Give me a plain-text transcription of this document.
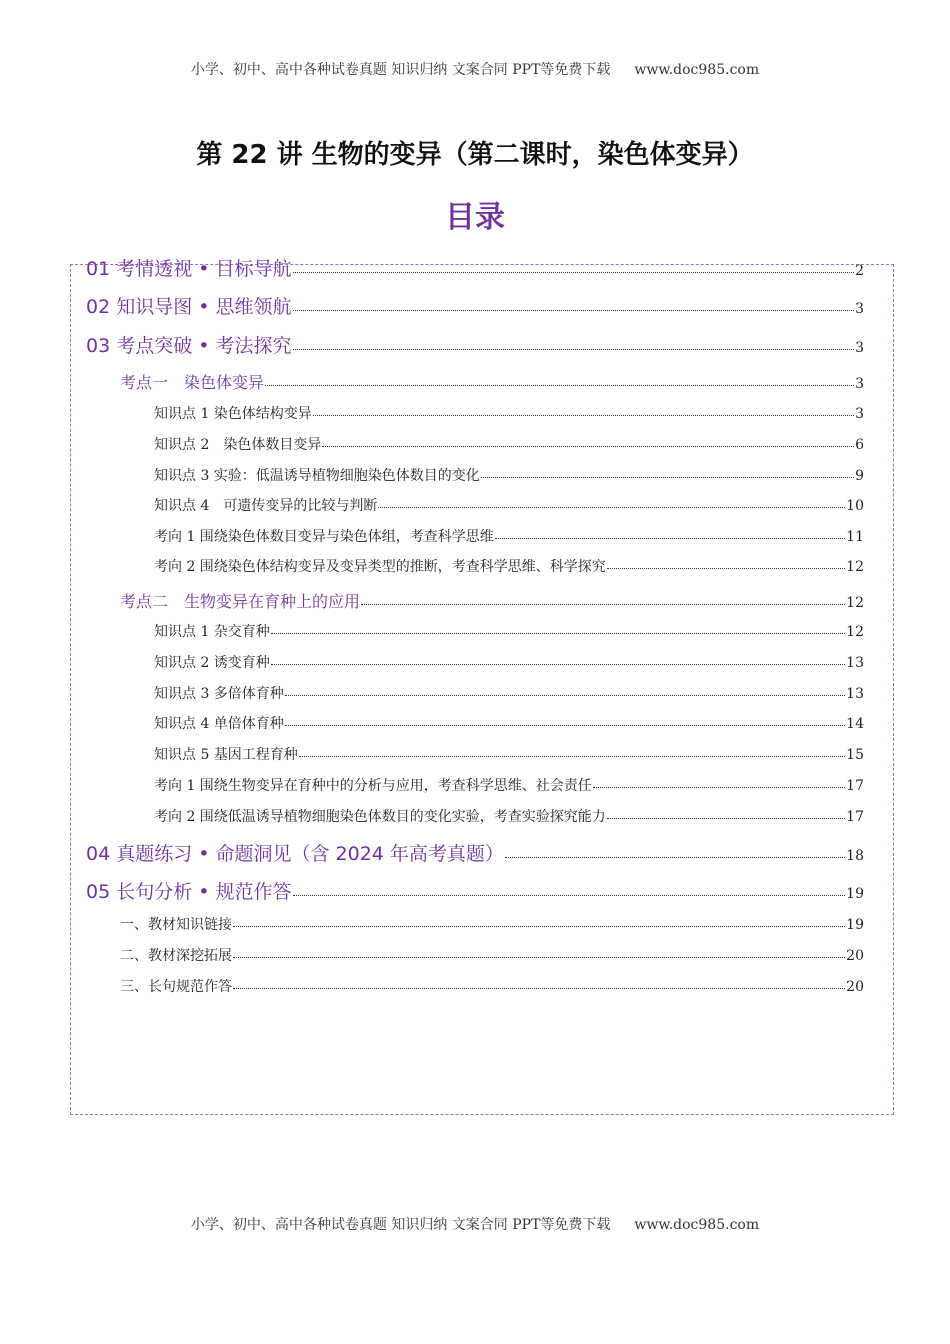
小学、初中、高中各种试卷真题 知识归纳 文案合同 PPT等免费下载 www.doc985.com
第 22 讲 生物的变异（第二课时，染色体变异）
目录
01 考情透视 • 目标导航	2
02 知识导图 • 思维领航	3
03 考点突破 • 考法探究	3
考点一　染色体变异	3
知识点 1 染色体结构变异	3
知识点 2　染色体数目变异	6
知识点 3 实验：低温诱导植物细胞染色体数目的变化	9
知识点 4　可遗传变异的比较与判断	10
考向 1 围绕染色体数目变异与染色体组，考查科学思维	11
考向 2 围绕染色体结构变异及变异类型的推断，考查科学思维、科学探究	12
考点二　生物变异在育种上的应用	12
知识点 1 杂交育种	12
知识点 2 诱变育种	13
知识点 3 多倍体育种	13
知识点 4 单倍体育种	14
知识点 5 基因工程育种	15
考向 1 围绕生物变异在育种中的分析与应用，考查科学思维、社会责任	17
考向 2 围绕低温诱导植物细胞染色体数目的变化实验，考查实验探究能力	17
04 真题练习 • 命题洞见（含 2024 年高考真题）	18
05 长句分析 • 规范作答	19
一、教材知识链接	19
二、教材深挖拓展	20
三、长句规范作答	20
小学、初中、高中各种试卷真题 知识归纳 文案合同 PPT等免费下载 www.doc985.com
